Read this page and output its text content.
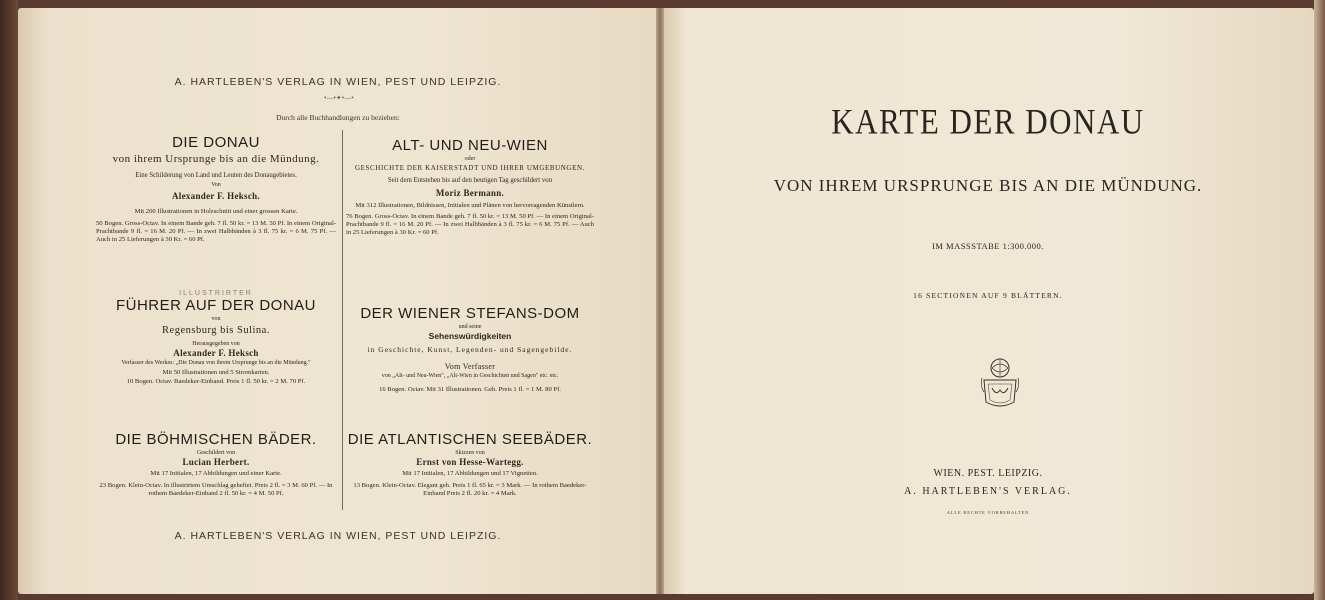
A. HARTLEBEN'S VERLAG IN WIEN, PEST UND LEIPZIG.
•—•✦•—•
Durch alle Buchhandlungen zu beziehen:
A. HARTLEBEN'S VERLAG IN WIEN, PEST UND LEIPZIG.

DIE DONAU

von ihrem Ursprunge bis an die Mündung.

Eine Schilderung von Land und Leuten des Donaugebietes.

Von

Alexander F. Heksch.

Mit 200 Illustrationen in Holzschnitt und einer grossen Karte.

50 Bogen. Gross-Octav. In einem Bande geh. 7 fl. 50 kr. = 13 M. 50 Pf. In einem Original-Prachtbande 9 fl. = 16 M. 20 Pf. — In zwei Halbbänden à 3 fl. 75 kr. = 6 M. 75 Pf. — Auch in 25 Lieferungen à 30 Kr. = 60 Pf.

ALT- UND NEU-WIEN

oder

GESCHICHTE DER KAISERSTADT UND IHRER UMGEBUNGEN.

Seit dem Entstehen bis auf den heutigen Tag geschildert von

Moriz Bermann.

Mit 312 Illustrationen, Bildnissen, Initialen und Plänen von hervorragenden Künstlern.

76 Bogen. Gross-Octav. In einem Bande geh. 7 fl. 50 kr. = 13 M. 50 Pf. — In einem Original-Prachtbande 9 fl. = 16 M. 20 Pf. — In zwei Halbbänden à 3 fl. 75 kr. = 6 M. 75 Pf. — Auch in 25 Lieferungen à 30 Kr. = 60 Pf.

ILLUSTRIRTER

FÜHRER AUF DER DONAU

von

Regensburg bis Sulina.

Herausgegeben von

Alexander F. Heksch

Verfasser des Werkes: „Die Donau von ihrem Ursprunge bis an die Mündung."

Mit 50 Illustrationen und 5 Stromkarten.

10 Bogen. Octav. Baedeker-Einband. Preis 1 fl. 50 kr. = 2 M. 70 Pf.

DER WIENER STEFANS-DOM

und seine

Sehenswürdigkeiten

in Geschichte, Kunst, Legenden- und Sagengebilde.

Vom Verfasser

von „Alt- und Neu-Wien", „Alt-Wien in Geschichten und Sagen" etc. etc.

16 Bogen. Octav. Mit 31 Illustrationen. Geh. Preis 1 fl. = 1 M. 80 Pf.

DIE BÖHMISCHEN BÄDER.

Geschildert von

Lucian Herbert.

Mit 17 Initialen, 17 Abbildungen und einer Karte.

23 Bogen. Klein-Octav. In illustrirtem Umschlag geheftet. Preis 2 fl. = 3 M. 60 Pf. — In rothem Baedeker-Einband 2 fl. 50 kr. = 4 M. 50 Pf.

DIE ATLANTISCHEN SEEBÄDER.

Skizzen von

Ernst von Hesse-Wartegg.

Mit 17 Initialen, 17 Abbildungen und 17 Vignetten.

13 Bogen. Klein-Octav. Elegant geh. Preis 1 fl. 65 kr. = 3 Mark. — In rothem Baedeker-Einband Preis 2 fl. 20 kr. = 4 Mark.

KARTE DER DONAU
VON IHREM URSPRUNGE BIS AN DIE MÜNDUNG.
IM MASSSTABE 1:300.000.
16 SECTIONEN AUF 9 BLÄTTERN.
WIEN. PEST. LEIPZIG.
A. HARTLEBEN'S VERLAG.
ALLE RECHTE VORBEHALTEN
